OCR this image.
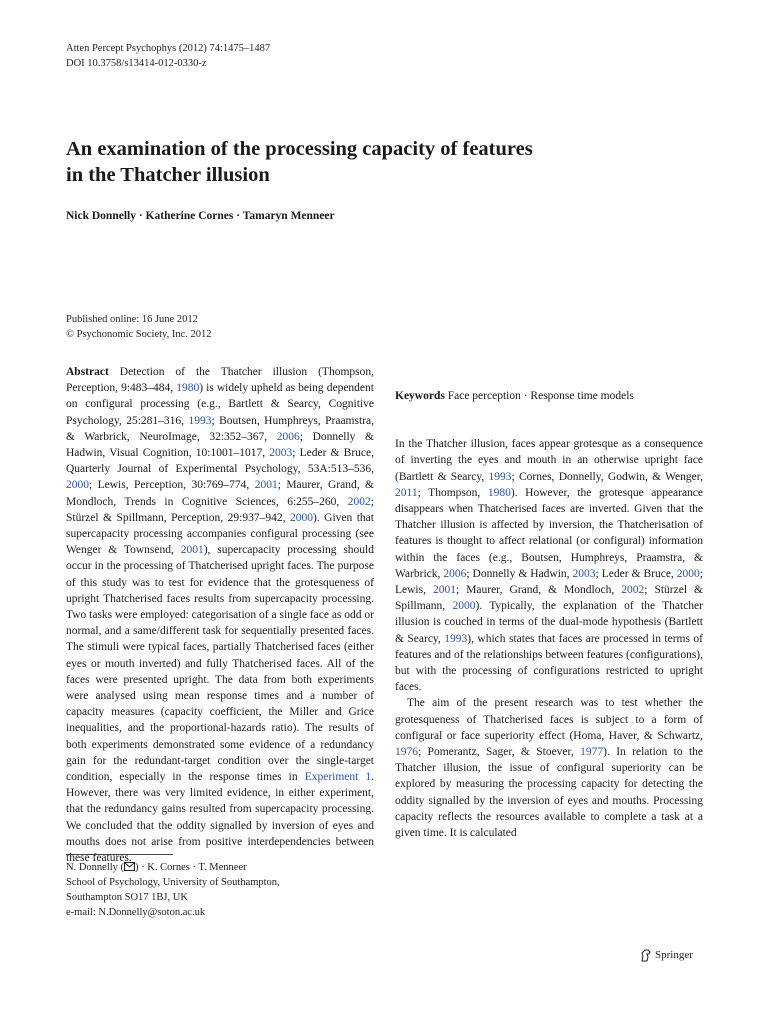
Atten Percept Psychophys (2012) 74:1475–1487
DOI 10.3758/s13414-012-0330-z
An examination of the processing capacity of features
in the Thatcher illusion
Nick Donnelly · Katherine Cornes · Tamaryn Menneer
Published online: 16 June 2012
© Psychonomic Society, Inc. 2012

Abstract Detection of the Thatcher illusion (Thompson, Perception, 9:483–484, 1980) is widely upheld as being dependent on configural processing (e.g., Bartlett & Searcy, Cognitive Psychology, 25:281–316, 1993; Boutsen, Humphreys, Praamstra, & Warbrick, NeuroImage, 32:352–367, 2006; Donnelly & Hadwin, Visual Cognition, 10:1001–1017, 2003; Leder & Bruce, Quarterly Journal of Experimental Psychology, 53A:513–536, 2000; Lewis, Perception, 30:769–774, 2001; Maurer, Grand, & Mondloch, Trends in Cognitive Sciences, 6:255–260, 2002; Stürzel & Spillmann, Perception, 29:937–942, 2000). Given that supercapacity processing accompanies configural processing (see Wenger & Townsend, 2001), supercapacity processing should occur in the processing of Thatcherised upright faces. The purpose of this study was to test for evidence that the grotesqueness of upright Thatcherised faces results from supercapacity processing. Two tasks were employed: categorisation of a single face as odd or normal, and a same/different task for sequentially presented faces. The stimuli were typical faces, partially Thatcherised faces (either eyes or mouth inverted) and fully Thatcherised faces. All of the faces were presented upright. The data from both experiments were analysed using mean response times and a number of capacity measures (capacity coefficient, the Miller and Grice inequalities, and the proportional-hazards ratio). The results of both experiments demonstrated some evidence of a redundancy gain for the redundant-target condition over the single-target condition, especially in the response times in Experiment 1. However, there was very limited evidence, in either experiment, that the redundancy gains resulted from supercapacity processing. We concluded that the oddity signalled by inversion of eyes and mouths does not arise from positive interdependencies between these features.

Keywords Face perception · Response time models

In the Thatcher illusion, faces appear grotesque as a consequence of inverting the eyes and mouth in an otherwise upright face (Bartlett & Searcy, 1993; Cornes, Donnelly, Godwin, & Wenger, 2011; Thompson, 1980). However, the grotesque appearance disappears when Thatcherised faces are inverted. Given that the Thatcher illusion is affected by inversion, the Thatcherisation of features is thought to affect relational (or configural) information within the faces (e.g., Boutsen, Humphreys, Praamstra, & Warbrick, 2006; Donnelly & Hadwin, 2003; Leder & Bruce, 2000; Lewis, 2001; Maurer, Grand, & Mondloch, 2002; Stürzel & Spillmann, 2000). Typically, the explanation of the Thatcher illusion is couched in terms of the dual-mode hypothesis (Bartlett & Searcy, 1993), which states that faces are processed in terms of features and of the relationships between features (configurations), but with the processing of configurations restricted to upright faces.

The aim of the present research was to test whether the grotesqueness of Thatcherised faces is subject to a form of configural or face superiority effect (Homa, Haver, & Schwartz, 1976; Pomerantz, Sager, & Stoever, 1977). In relation to the Thatcher illusion, the issue of configural superiority can be explored by measuring the processing capacity for detecting the oddity signalled by the inversion of eyes and mouths. Processing capacity reflects the resources available to complete a task at a given time. It is calculated

N. Donnelly ( ) · K. Cornes · T. Menneer
School of Psychology, University of Southampton,
Southampton SO17 1BJ, UK
e-mail: N.Donnelly@soton.ac.uk
Springer
